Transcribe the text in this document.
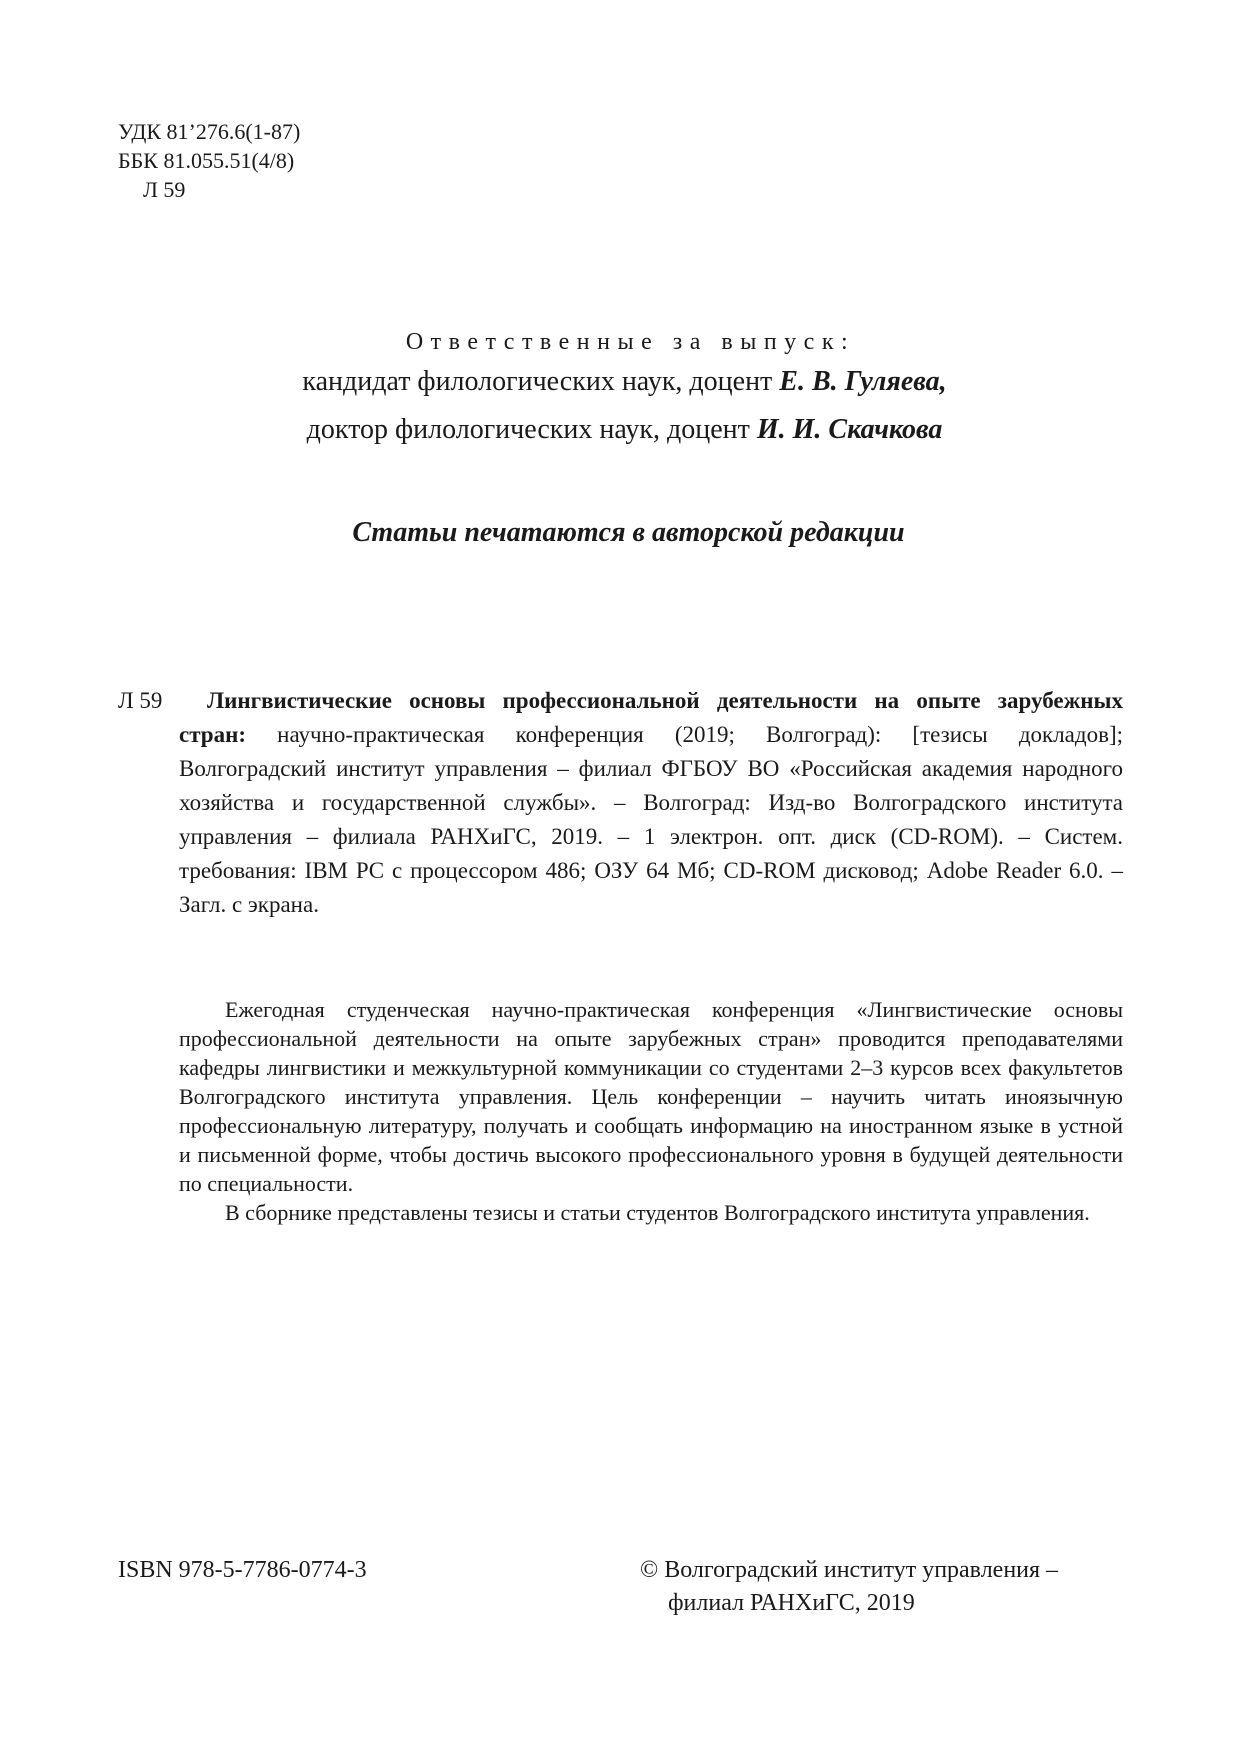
УДК 81’276.6(1-87)
ББК 81.055.51(4/8)
Л 59
Ответственные за выпуск:
кандидат филологических наук, доцент Е. В. Гуляева,
доктор филологических наук, доцент И. И. Скачкова
Статьи печатаются в авторской редакции
Л 59	Лингвистические основы профессиональной деятельности на опыте зарубежных стран: научно-практическая конференция (2019; Волгоград): [тезисы докладов]; Волгоградский институт управления – филиал ФГБОУ ВО «Российская академия народного хозяйства и государственной службы». – Волгоград: Изд-во Волгоградского института управления – филиала РАНХиГС, 2019. – 1 электрон. опт. диск (CD-ROM). – Систем. требования: IBM PC с процессором 486; ОЗУ 64 Мб; CD-ROM дисковод; Adobe Reader 6.0. – Загл. с экрана.

Ежегодная студенческая научно-практическая конференция «Лингвистические основы профессиональной деятельности на опыте зарубежных стран» проводится преподавателями кафедры лингвистики и межкультурной коммуникации со студентами 2–3 курсов всех факультетов Волгоградского института управления. Цель конференции – научить читать иноязычную профессиональную литературу, получать и сообщать информацию на иностранном языке в устной и письменной форме, чтобы достичь высокого профессионального уровня в будущей деятельности по специальности.

В сборнике представлены тезисы и статьи студентов Волгоградского института управления.

ISBN 978-5-7786-0774-3	© Волгоградский институт управления –
филиал РАНХиГС, 2019
